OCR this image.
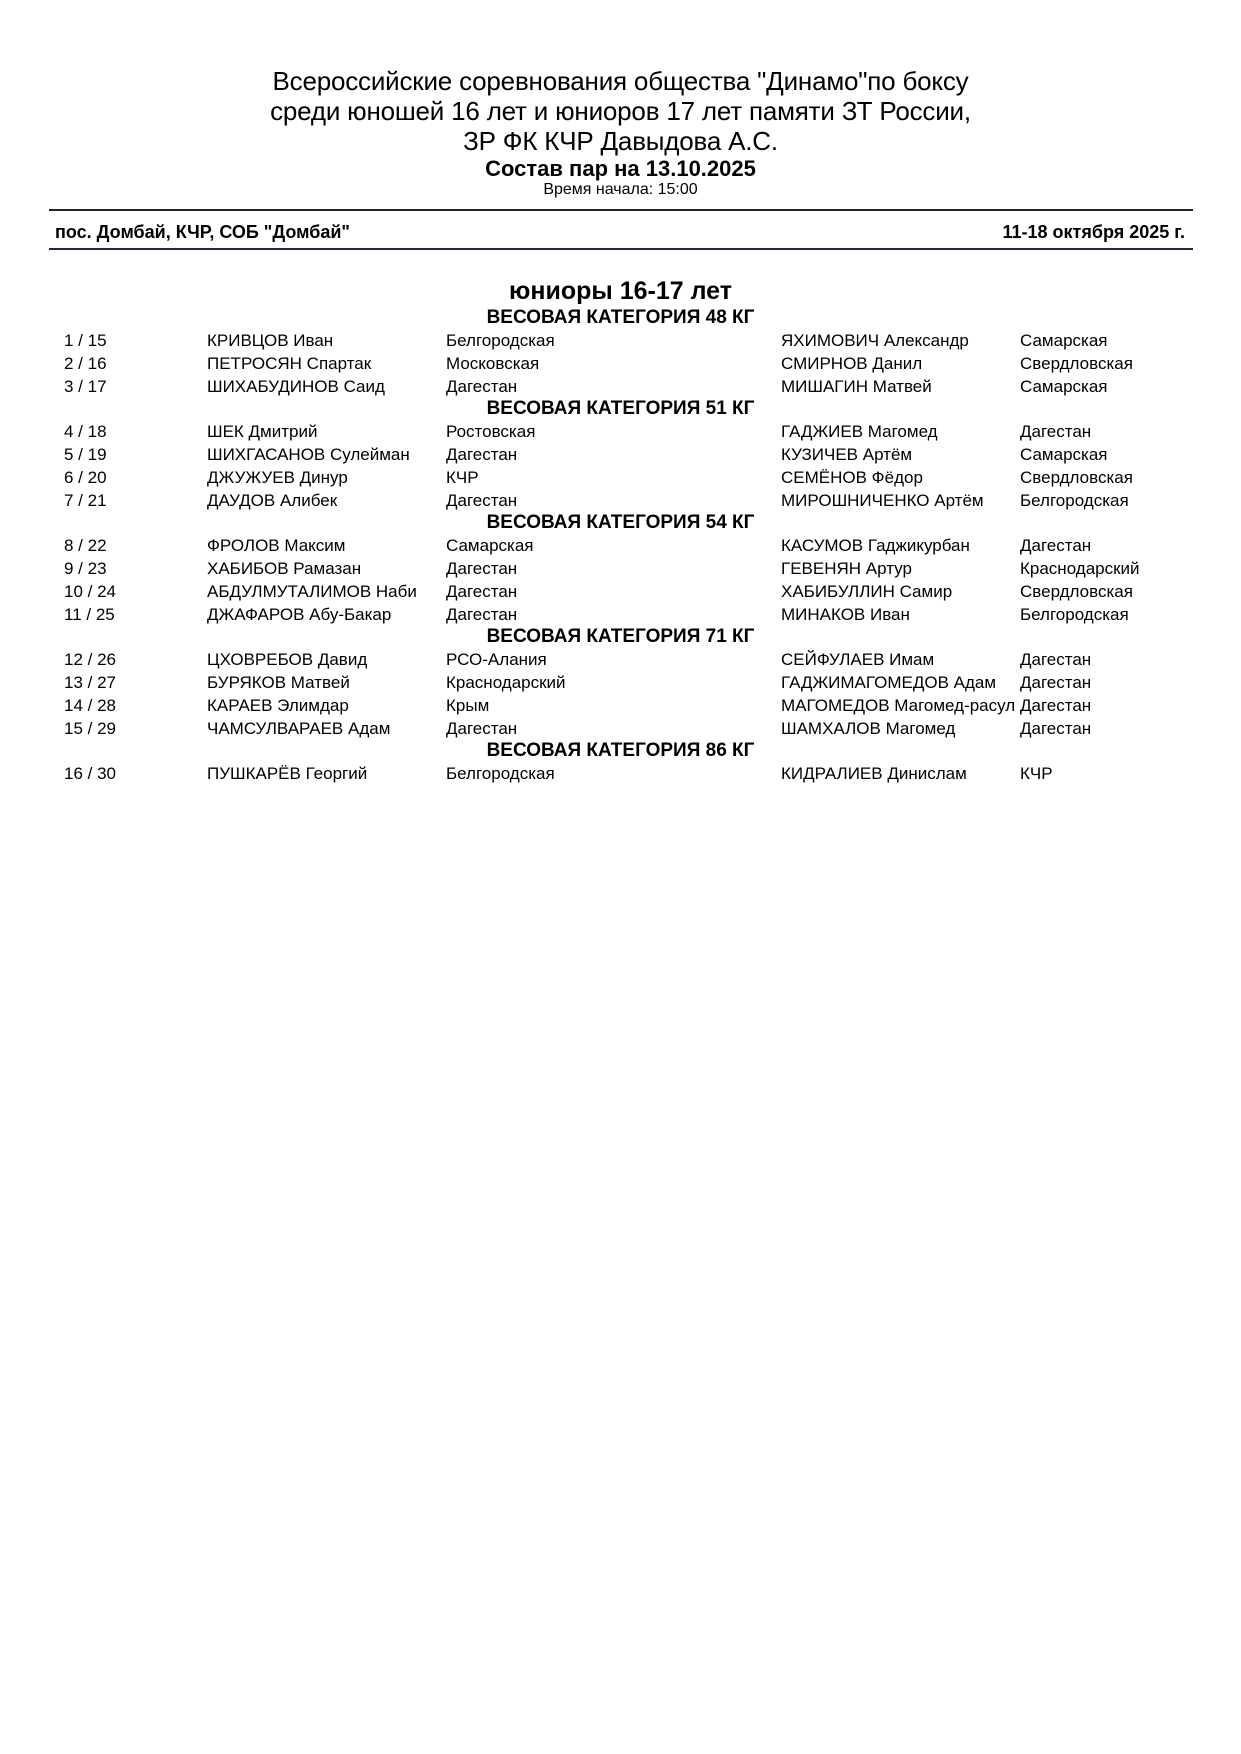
Всероссийские соревнования общества "Динамо"по боксу
среди юношей 16 лет и юниоров 17 лет памяти ЗТ России,
ЗР ФК КЧР Давыдова А.С.
Состав пар на 13.10.2025
Время начала: 15:00
пос. Домбай, КЧР, СОБ "Домбай"	11-18 октября 2025 г.
юниоры 16-17 лет
ВЕСОВАЯ КАТЕГОРИЯ 48 КГ
1 / 15	КРИВЦОВ Иван	Белгородская	ЯХИМОВИЧ Александр	Самарская
2 / 16	ПЕТРОСЯН Спартак	Московская	СМИРНОВ Данил	Свердловская
3 / 17	ШИХАБУДИНОВ Саид	Дагестан	МИШАГИН Матвей	Самарская
ВЕСОВАЯ КАТЕГОРИЯ 51 КГ
4 / 18	ШЕК Дмитрий	Ростовская	ГАДЖИЕВ Магомед	Дагестан
5 / 19	ШИХГАСАНОВ Сулейман Дагестан	КУЗИЧЕВ Артём	Самарская
6 / 20	ДЖУЖУЕВ Динур	КЧР	СЕМЁНОВ Фёдор	Свердловская
7 / 21	ДАУДОВ Алибек	Дагестан	МИРОШНИЧЕНКО Артём Белгородская
ВЕСОВАЯ КАТЕГОРИЯ 54 КГ
8 / 22	ФРОЛОВ Максим	Самарская	КАСУМОВ Гаджикурбан	Дагестан
9 / 23	ХАБИБОВ Рамазан	Дагестан	ГЕВЕНЯН Артур	Краснодарский
10 / 24	АБДУЛМУТАЛИМОВ Наби Дагестан	ХАБИБУЛЛИН Самир	Свердловская
11 / 25	ДЖАФАРОВ Абу-Бакар	Дагестан	МИНАКОВ Иван	Белгородская
ВЕСОВАЯ КАТЕГОРИЯ 71 КГ
12 / 26	ЦХОВРЕБОВ Давид	РСО-Алания	СЕЙФУЛАЕВ Имам	Дагестан
13 / 27	БУРЯКОВ Матвей	Краснодарский	ГАДЖИМАГОМЕДОВ Адам Дагестан
14 / 28	КАРАЕВ Элимдар	Крым	МАГОМЕДОВ Магомед-расул Дагестан
15 / 29	ЧАМСУЛВАРАЕВ Адам	Дагестан	ШАМХАЛОВ Магомед	Дагестан
ВЕСОВАЯ КАТЕГОРИЯ 86 КГ
16 / 30	ПУШКАРЁВ Георгий	Белгородская	КИДРАЛИЕВ Динислам	КЧР
